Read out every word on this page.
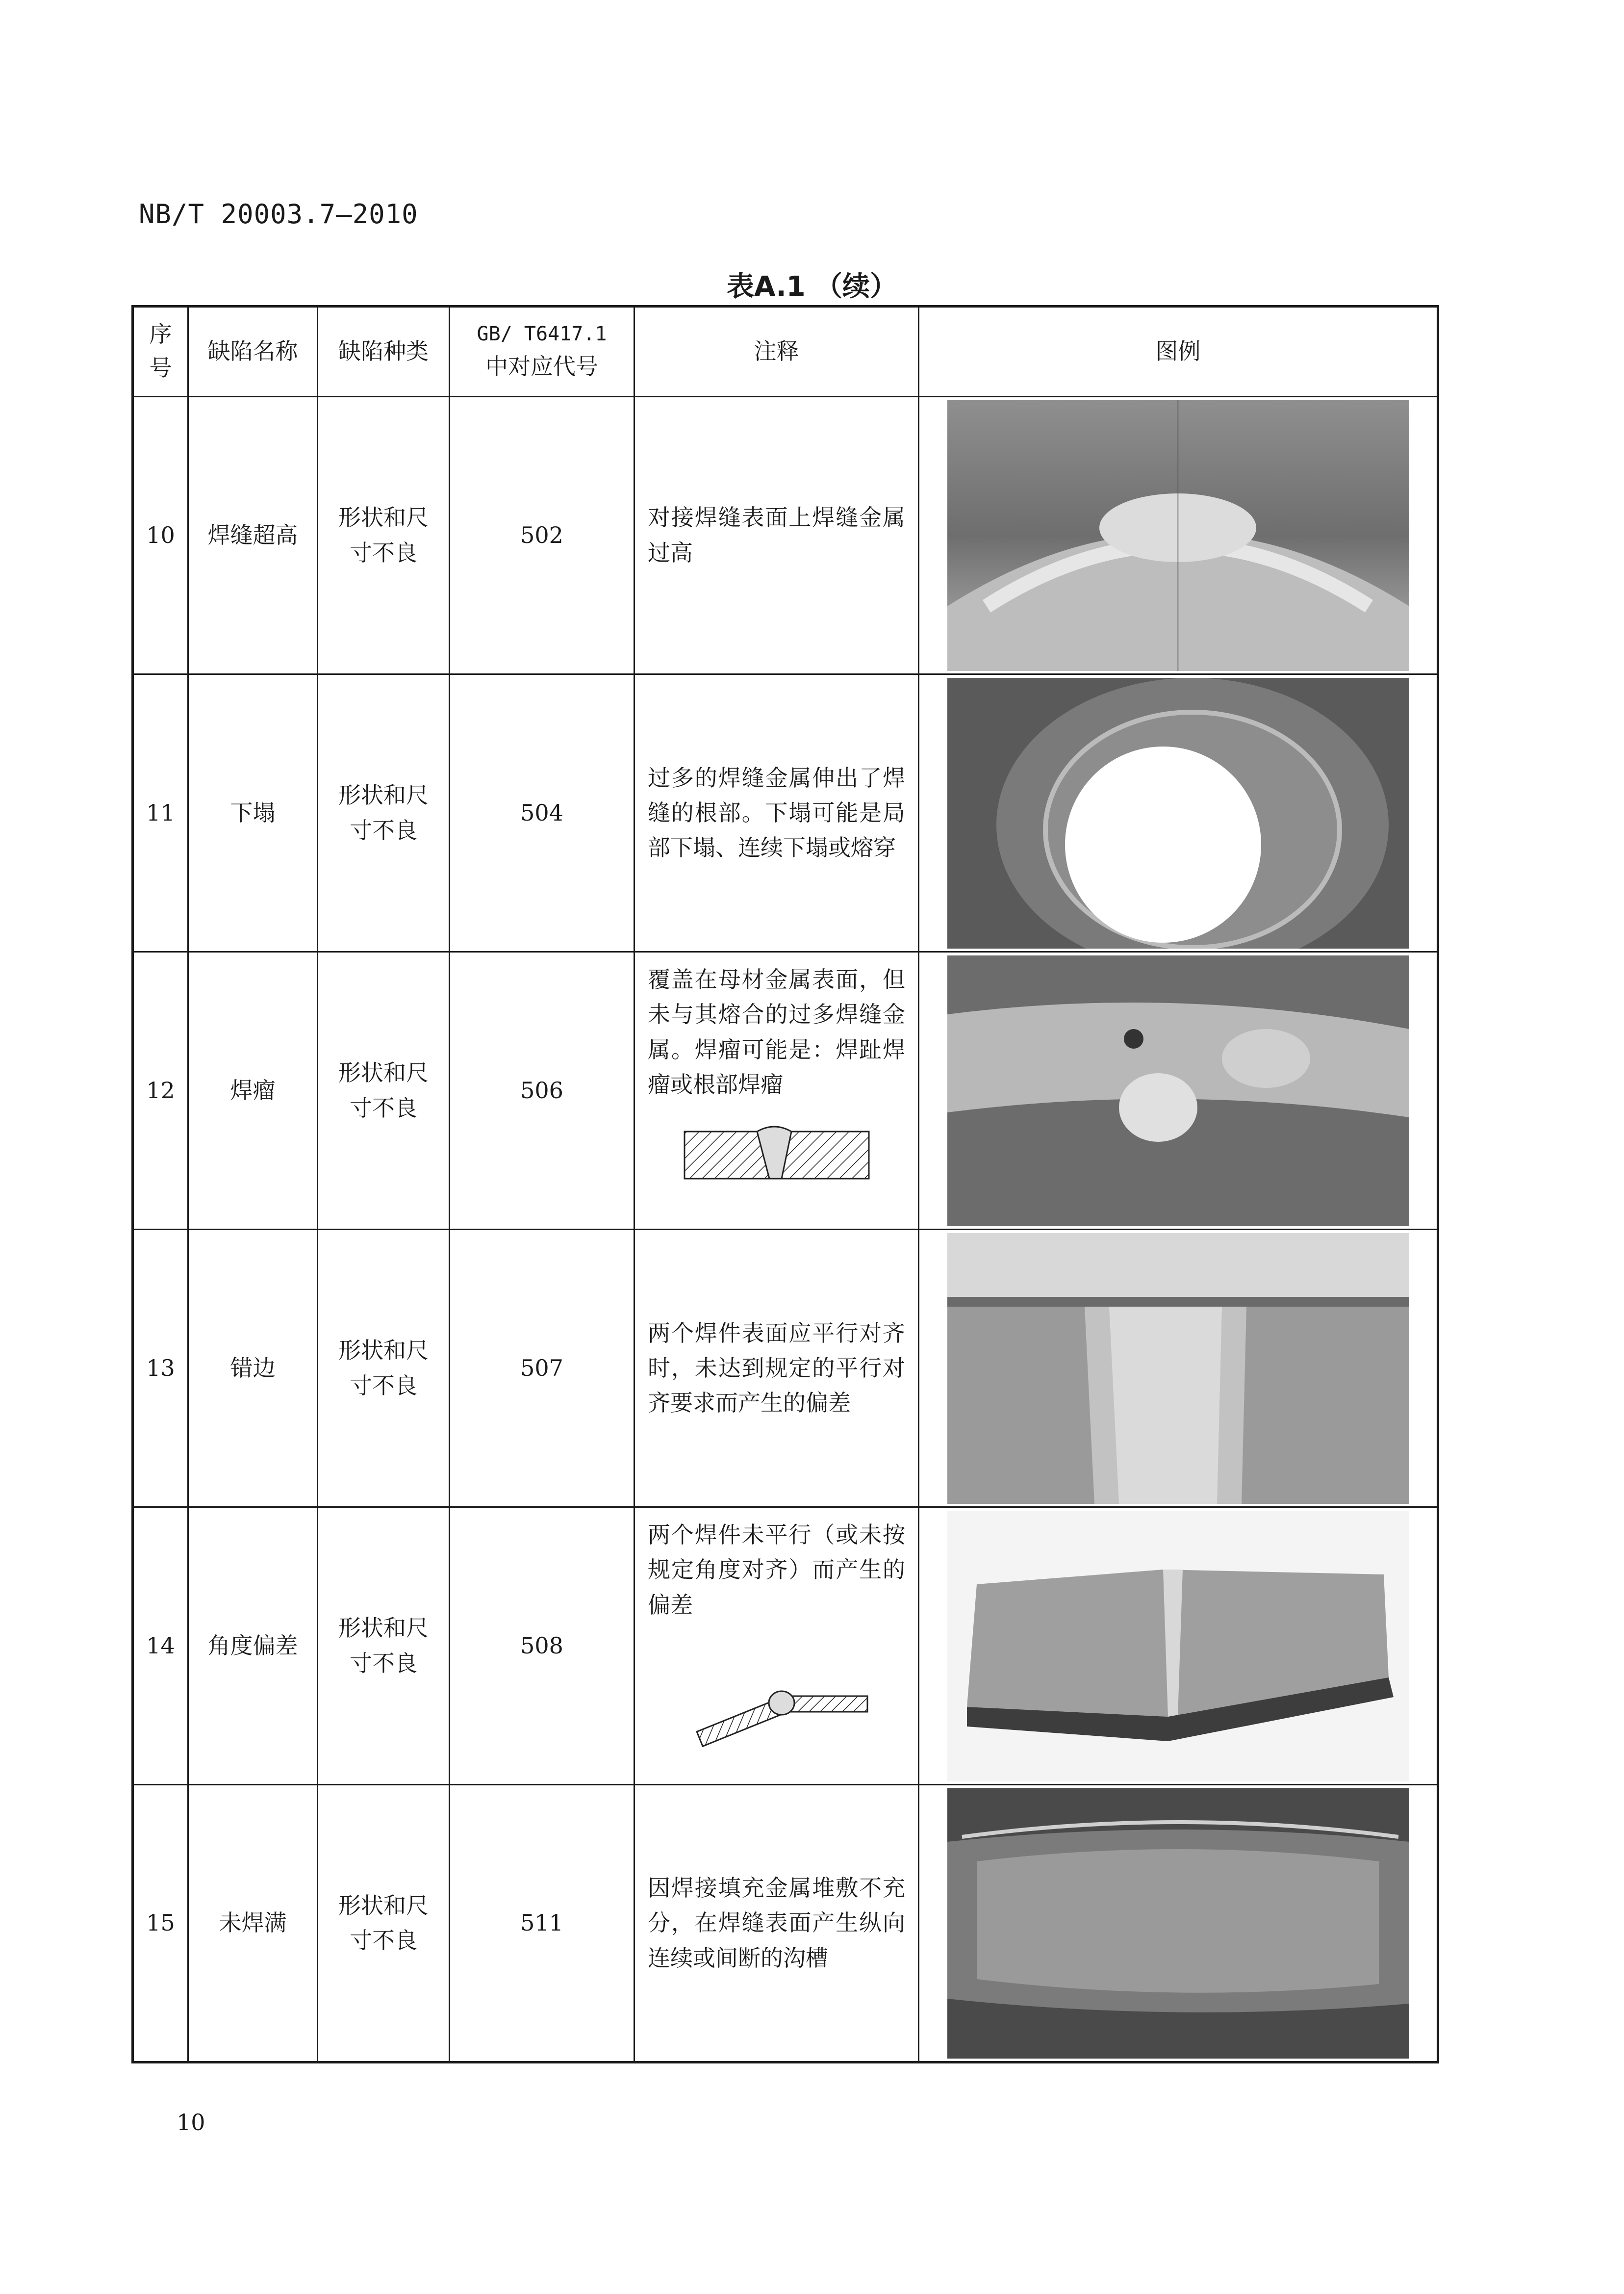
NB/T 20003.7—2010
表A.1 （续）
序号	缺陷名称	缺陷种类	GB/ T6417.1
中对应代号	注释	图例
10	焊缝超高	形状和尺寸不良	502	对接焊缝表面上焊缝金属过高

11	下塌	形状和尺寸不良	504	过多的焊缝金属伸出了焊缝的根部。下塌可能是局部下塌、连续下塌或熔穿

12	焊瘤	形状和尺寸不良	506	覆盖在母材金属表面，但未与其熔合的过多焊缝金属。焊瘤可能是：焊趾焊瘤或根部焊瘤

13	错边	形状和尺寸不良	507	两个焊件表面应平行对齐时，未达到规定的平行对齐要求而产生的偏差

14	角度偏差	形状和尺寸不良	508	两个焊件未平行（或未按规定角度对齐）而产生的偏差

15	未焊满	形状和尺寸不良	511	因焊接填充金属堆敷不充分，在焊缝表面产生纵向连续或间断的沟槽

10
